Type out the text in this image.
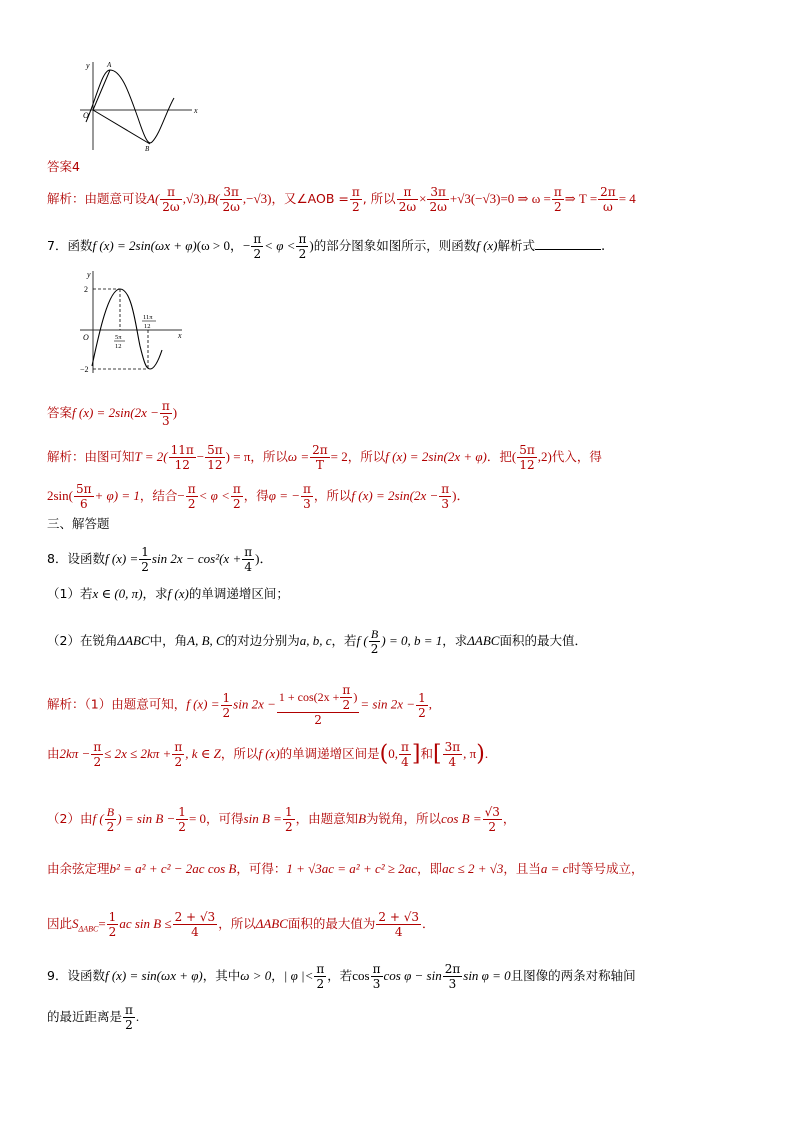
y
x
O
A
B
答案4
解析：由题意可设$A( \frac{\pi}{2\omega} ,√3),B( \frac{3\pi}{2\omega} ,-√3)$，又∠AOB = $\frac{\pi}{2}$ , 所以 $\frac{\pi}{2\omega} \times \frac{3\pi}{2\omega} +√3(-√3)=0$ ⇒ $\omega = \frac{\pi}{2}$ ⇒ $T = \frac{2\pi}{\omega} = 4$
7．函数f (x) = 2sin(ωx + φ)(ω > 0，− $\frac{\pi}{2} < \varphi < \frac{\pi}{2}$ )的部分图象如图所示，则函数f (x)解析式	.
y
x
O
2
−2
5π
12
11π
12
答案f $(x) = 2\sin(2x - \frac{\pi}{3}$ )
解析：由图可知$T = 2( \frac{11\pi}{12} - \frac{5\pi}{12}$ ) = π，所以$\omega = \frac{2\pi}{T} = 2$，所以f (x) = 2sin(2x + φ)．把( $\frac{5\pi}{12} ,2$)代入，得
$2\sin( \frac{5\pi}{6} + \varphi) = 1$，结合− $\frac{\pi}{2} < \varphi < \frac{\pi}{2}$ ，得φ = − $\frac{\pi}{3}$ ，所以f $(x) = 2\sin(2x - \frac{\pi}{3}$ )．
三、解答题
8．设函数f $(x) = \frac{1}{2}$ $\sin 2x - \cos^2(x + \frac{\pi}{4}$ )．
（1）若x ∈ (0, π)，求f (x)的单调递增区间；
（2）在锐角ΔABC中，角A, B, C的对边分别为a, b, c，若f ( $\frac{B}{2}$ ) = 0, b = 1，求ΔABC面积的最大值．
解析：（1）由题意可知，f $(x) = \frac{1}{2}$ $\sin 2x - \frac{1 + \cos(2x + \frac{\pi}{2} )}{2} = \sin 2x - \frac{1}{2}$ ,
由$2k\pi - \frac{\pi}{2} \le 2x \le 2k\pi + \frac{\pi}{2}$ , k ∈ Z，所以f (x)的单调递增区间是(0, $\frac{\pi}{4}$ ]和[ $\frac{3\pi}{4}$ , π).
（2）由f ( $\frac{B}{2}$ ) = $\sin B - \frac{1}{2} = 0$，可得$\sin B = \frac{1}{2}$ ，由题意知B为锐角，所以$\cos B = \frac{√3}{2}$ ，
由余弦定理b² = a² + c² − 2ac cos B，可得：1 + √3ac = a² + c² ≥ 2ac，即ac ≤ 2 + √3，且当a = c时等号成立，
因此$S_{\Delta ABC}= \frac{1}{2}$ ac $\sin B \le \frac{2 + √3}{4}$ ，所以ΔABC面积的最大值为 $\frac{2 + √3}{4}$ ．
9．设函数f (x) = sin(ωx + φ)，其中ω > 0，| φ |< $\frac{\pi}{2}$ ，若$\cos \frac{\pi}{3}$ $\cos \varphi - \sin \frac{2\pi}{3}$ sin φ = 0且图像的两条对称轴间
的最近距离是 $\frac{\pi}{2}$ .
